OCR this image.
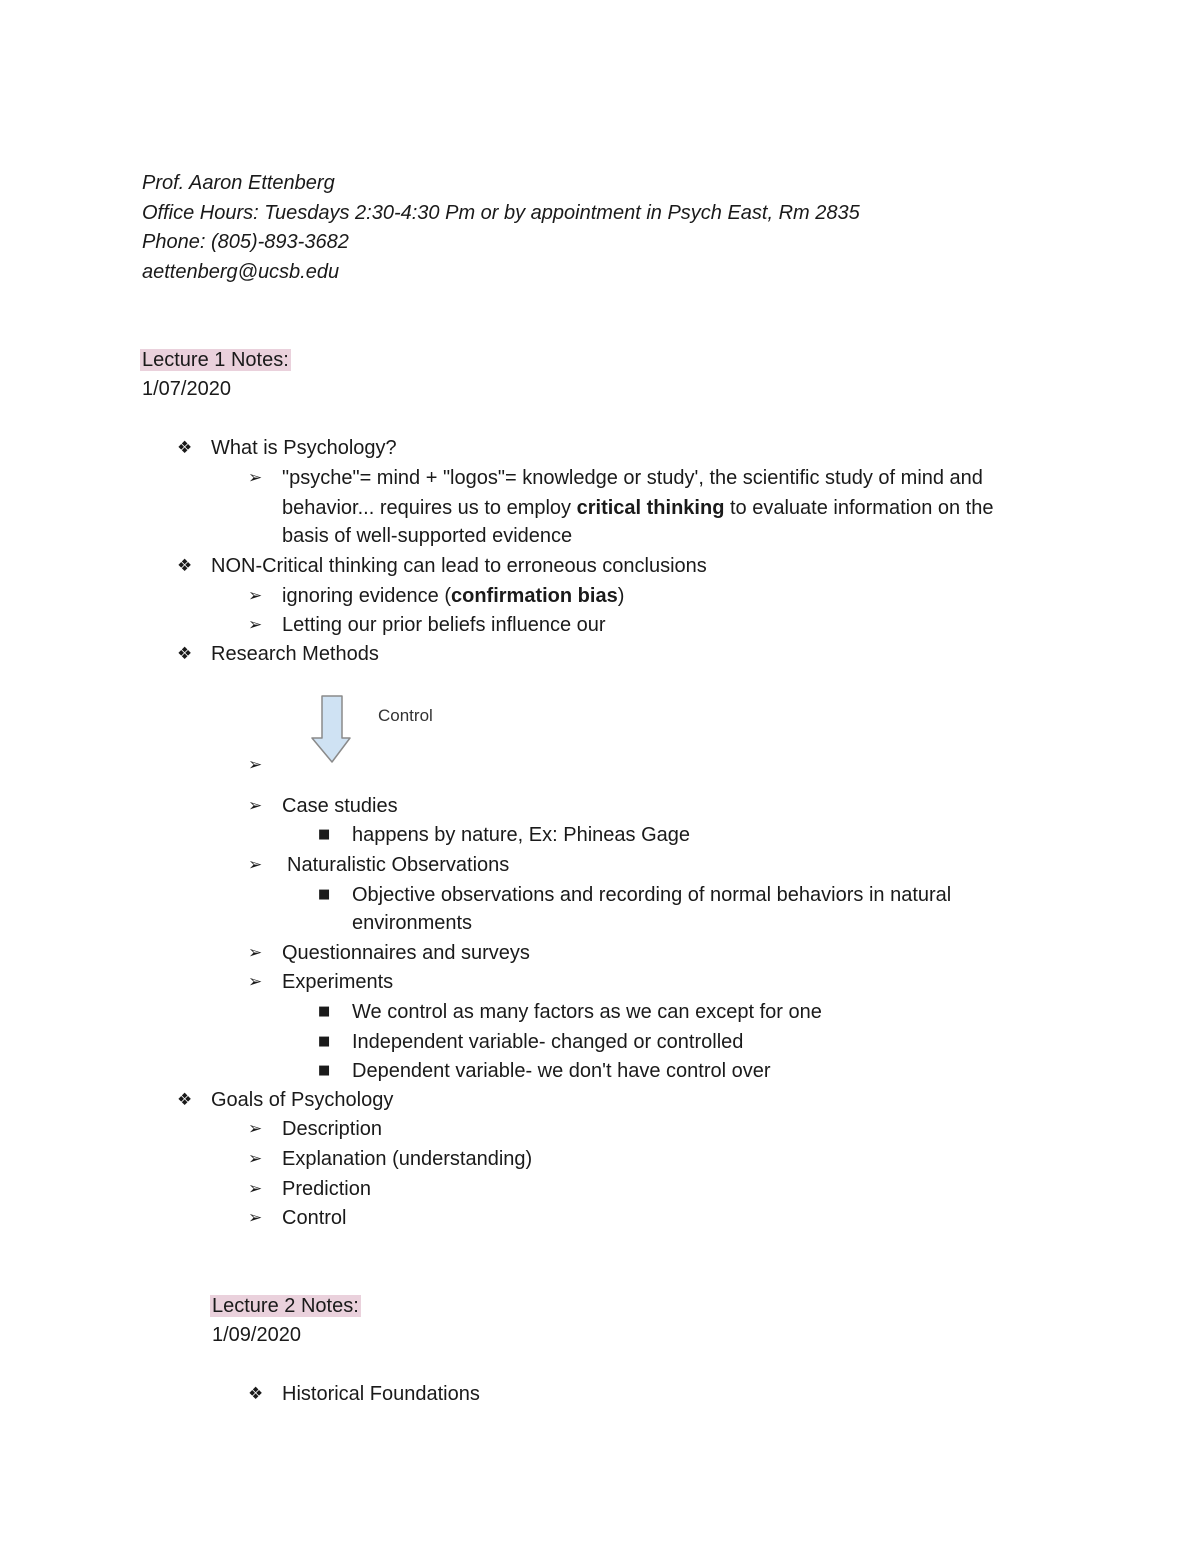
Prof. Aaron Ettenberg
Office Hours: Tuesdays 2:30-4:30 Pm or by appointment in Psych East, Rm 2835
Phone: (805)-893-3682
aettenberg@ucsb.edu
Lecture 1 Notes:
1/07/2020
❖ What is Psychology?
➢ "psyche"= mind + "logos"= knowledge or study', the scientific study of mind and
behavior... requires us to employ critical thinking to evaluate information on the
basis of well-supported evidence
❖ NON-Critical thinking can lead to erroneous conclusions
➢ ignoring evidence (confirmation bias)
➢ Letting our prior beliefs influence our
❖ Research Methods
Control
➢
➢ Case studies
■ happens by nature, Ex: Phineas Gage
➢ Naturalistic Observations
■ Objective observations and recording of normal behaviors in natural
environments
➢ Questionnaires and surveys
➢ Experiments
■ We control as many factors as we can except for one
■ Independent variable- changed or controlled
■ Dependent variable- we don't have control over
❖ Goals of Psychology
➢ Description
➢ Explanation (understanding)
➢ Prediction
➢ Control
Lecture 2 Notes:
1/09/2020
❖ Historical Foundations
